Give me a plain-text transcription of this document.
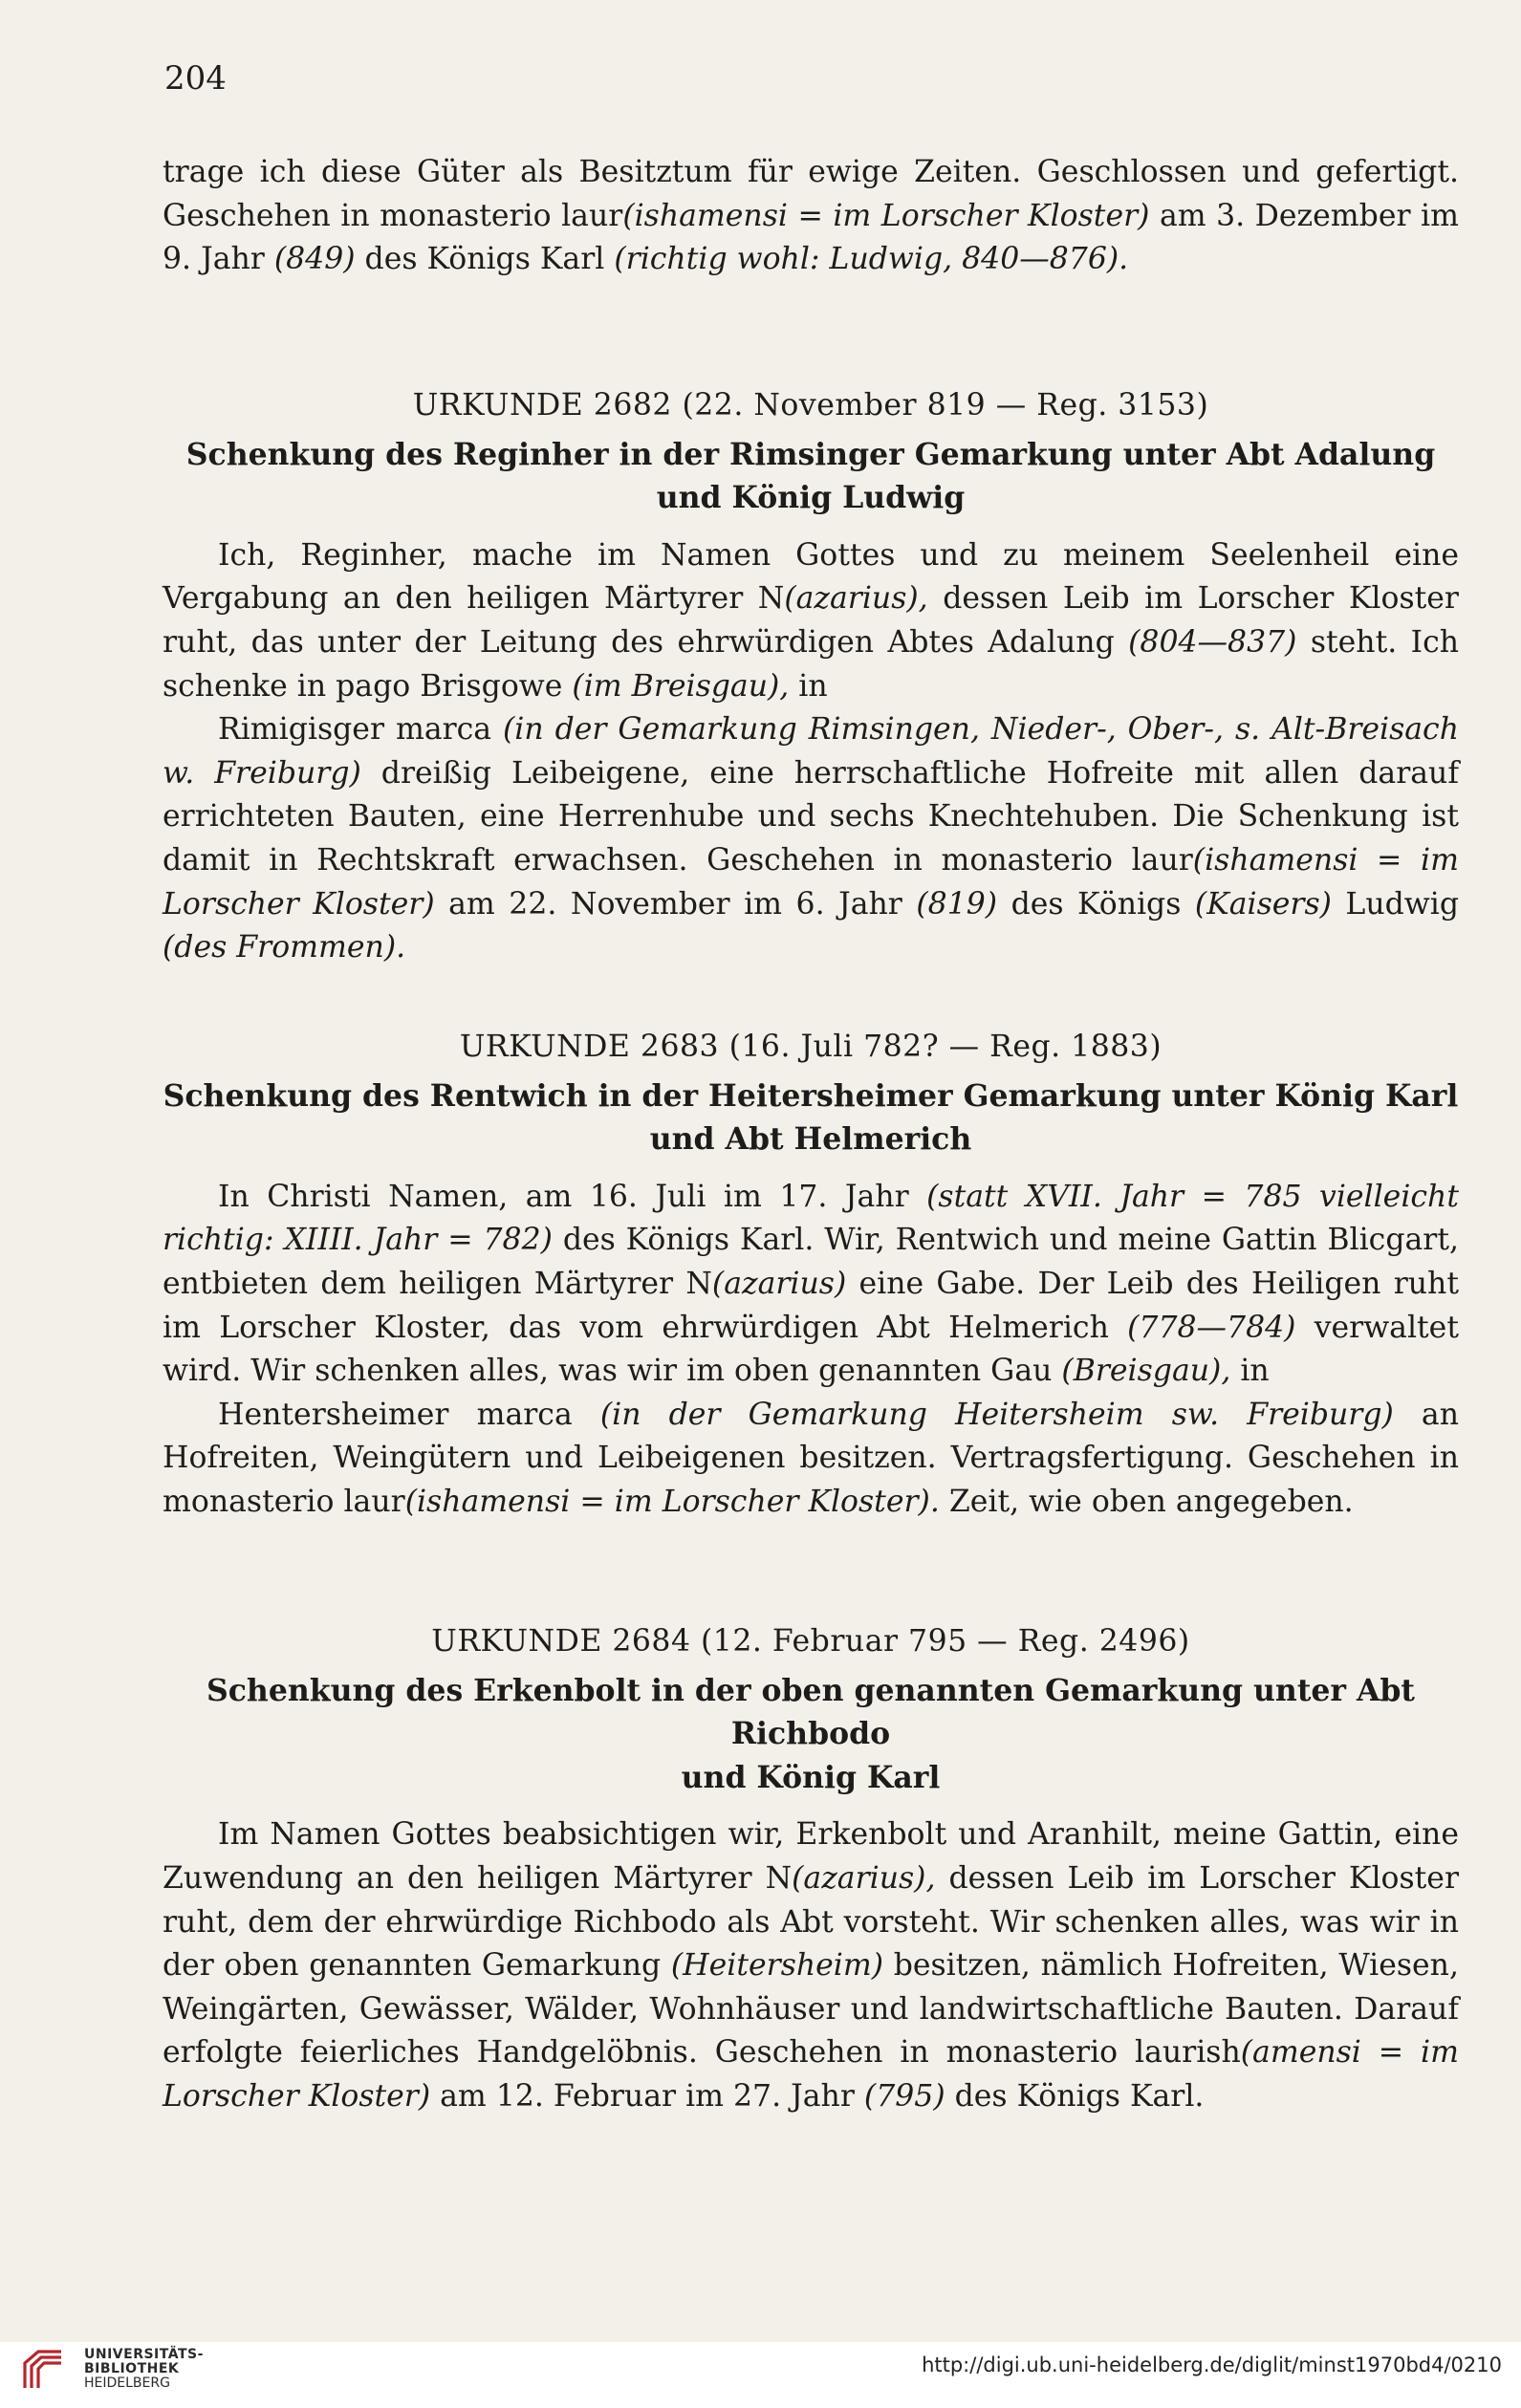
204

trage ich diese Güter als Besitztum für ewige Zeiten. Geschlossen und gefertigt. Geschehen in monasterio laur(ishamensi = im Lorscher Kloster) am 3. Dezember im 9. Jahr (849) des Königs Karl (richtig wohl: Ludwig, 840—876).

URKUNDE 2682 (22. November 819 — Reg. 3153)

Schenkung des Reginher in der Rimsinger Gemarkung unter Abt Adalung

und König Ludwig

Ich, Reginher, mache im Namen Gottes und zu meinem Seelenheil eine Vergabung an den heiligen Märtyrer N(azarius), dessen Leib im Lorscher Kloster ruht, das unter der Leitung des ehrwürdigen Abtes Adalung (804—837) steht. Ich schenke in pago Brisgowe (im Breisgau), in

Rimigisger marca (in der Gemarkung Rimsingen, Nieder-, Ober-, s. Alt-Breisach w. Freiburg) dreißig Leibeigene, eine herrschaftliche Hofreite mit allen darauf errichteten Bauten, eine Herrenhube und sechs Knechtehuben. Die Schenkung ist damit in Rechtskraft erwachsen. Geschehen in monasterio laur(ishamensi = im Lorscher Kloster) am 22. November im 6. Jahr (819) des Königs (Kaisers) Ludwig (des Frommen).

URKUNDE 2683 (16. Juli 782? — Reg. 1883)

Schenkung des Rentwich in der Heitersheimer Gemarkung unter König Karl

und Abt Helmerich

In Christi Namen, am 16. Juli im 17. Jahr (statt XVII. Jahr = 785 vielleicht richtig: XIIII. Jahr = 782) des Königs Karl. Wir, Rentwich und meine Gattin Blicgart, entbieten dem heiligen Märtyrer N(azarius) eine Gabe. Der Leib des Heiligen ruht im Lorscher Kloster, das vom ehrwürdigen Abt Helmerich (778—784) verwaltet wird. Wir schenken alles, was wir im oben genannten Gau (Breisgau), in

Hentersheimer marca (in der Gemarkung Heitersheim sw. Freiburg) an Hofreiten, Weingütern und Leibeigenen besitzen. Vertragsfertigung. Geschehen in monasterio laur(ishamensi = im Lorscher Kloster). Zeit, wie oben angegeben.

URKUNDE 2684 (12. Februar 795 — Reg. 2496)

Schenkung des Erkenbolt in der oben genannten Gemarkung unter Abt Richbodo

und König Karl

Im Namen Gottes beabsichtigen wir, Erkenbolt und Aranhilt, meine Gattin, eine Zuwendung an den heiligen Märtyrer N(azarius), dessen Leib im Lorscher Kloster ruht, dem der ehrwürdige Richbodo als Abt vorsteht. Wir schenken alles, was wir in der oben genannten Gemarkung (Heitersheim) besitzen, nämlich Hofreiten, Wiesen, Weingärten, Gewässer, Wälder, Wohnhäuser und landwirtschaftliche Bauten. Darauf erfolgte feierliches Handgelöbnis. Geschehen in monasterio laurish(amensi = im Lorscher Kloster) am 12. Februar im 27. Jahr (795) des Königs Karl.

UNIVERSITÄTS-
BIBLIOTHEK
HEIDELBERG
http://digi.ub.uni-heidelberg.de/diglit/minst1970bd4/0210
